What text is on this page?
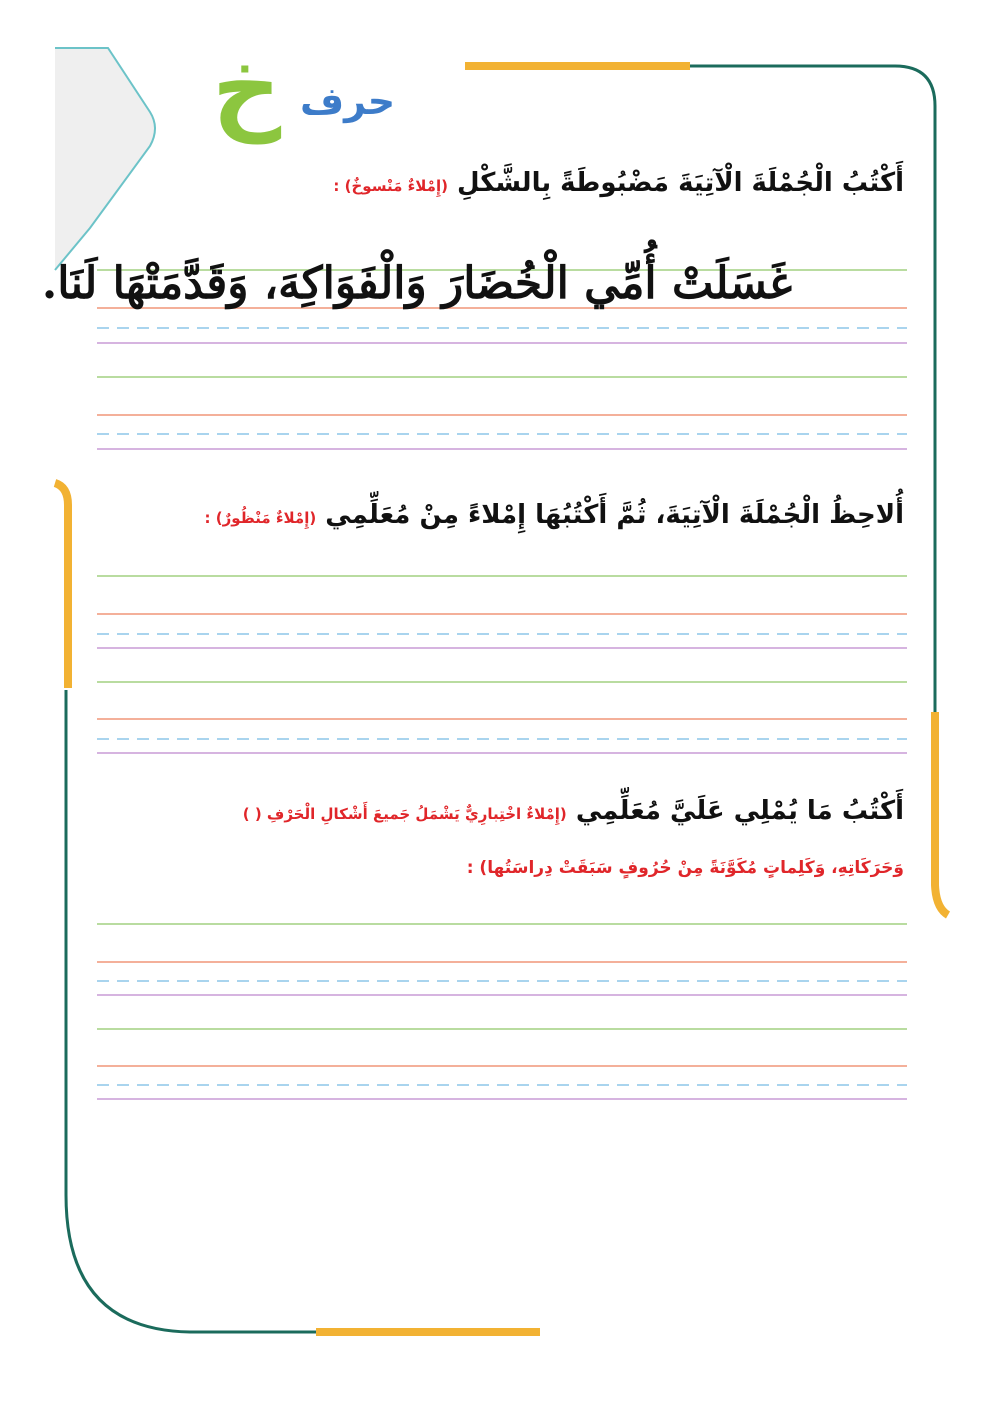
خ حرف
أَكْتُبُ الْجُمْلَةَ الْآتِيَةَ مَضْبُوطَةً بِالشَّكْلِ (إِمْلاءٌ مَنْسوخٌ) :
غَسَلَتْ أُمِّي الْخُضَارَ وَالْفَوَاكِهَ، وَقَدَّمَتْهَا لَنَا.
أُلاحِظُ الْجُمْلَةَ الْآتِيَةَ، ثُمَّ أَكْتُبُهَا إِمْلاءً مِنْ مُعَلِّمِي (إِمْلاءٌ مَنْظُورٌ) :
أَكْتُبُ مَا يُمْلِي عَلَيَّ مُعَلِّمِي (إِمْلاءٌ اخْتِبارِيٌّ يَشْمَلُ جَميعَ أَشْكالِ الْحَرْفِ ( )
وَحَرَكَاتِهِ، وَكَلِماتٍ مُكَوَّنَةً مِنْ حُرُوفٍ سَبَقَتْ دِراسَتُها) :
